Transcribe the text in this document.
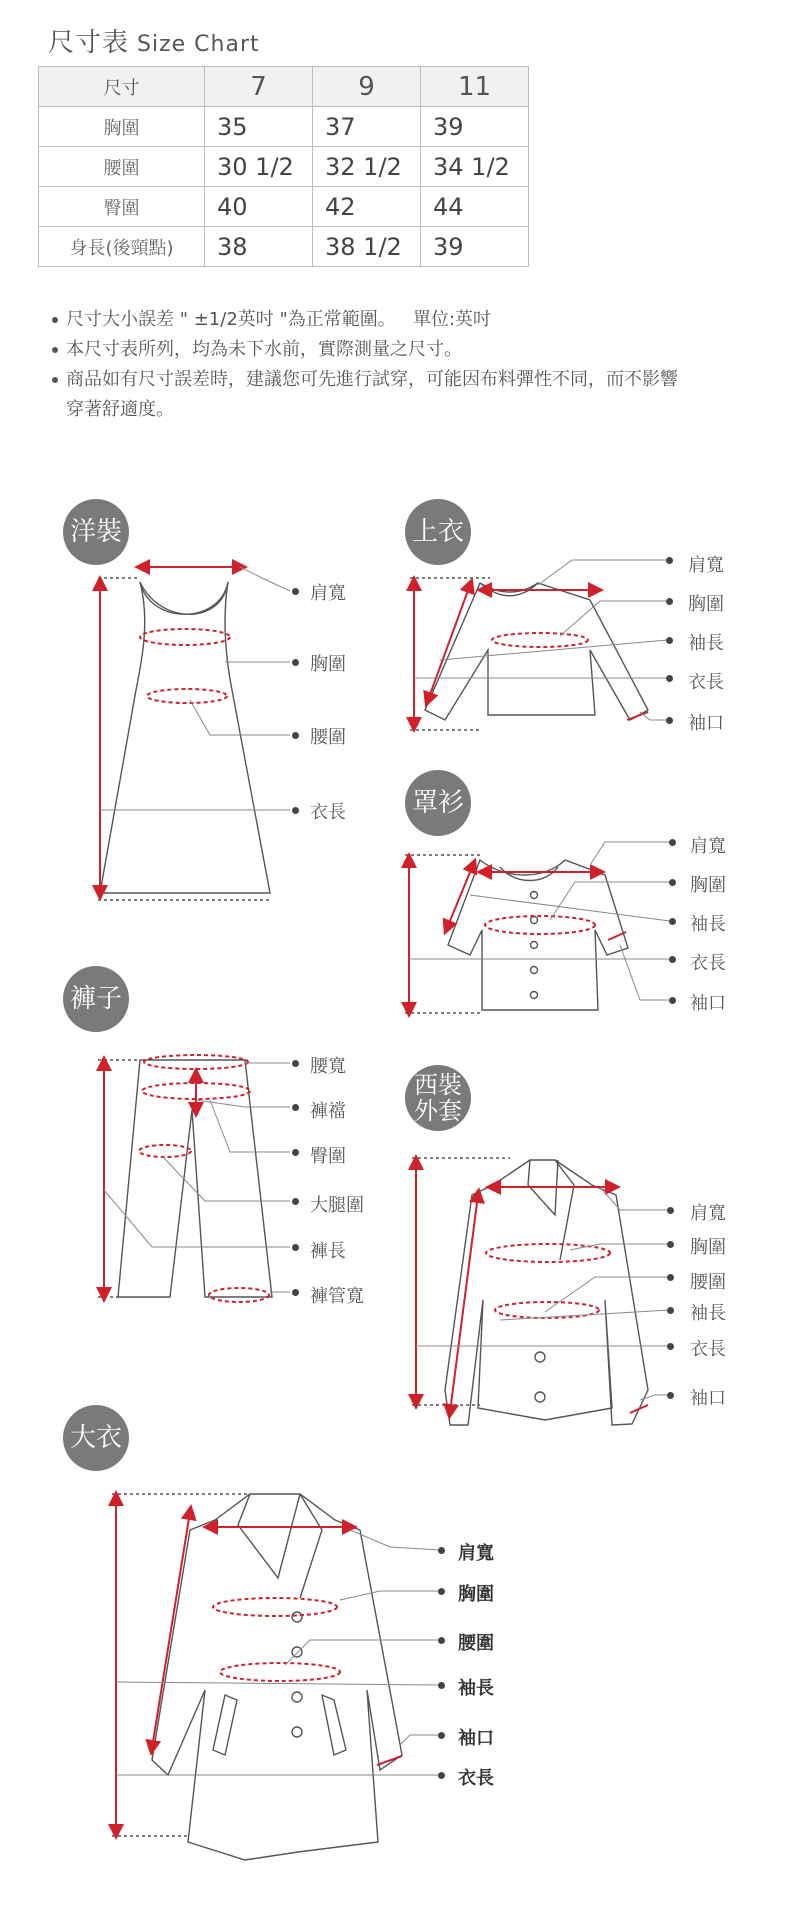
尺寸表 Size Chart
尺寸	7	9	11
胸圍	35	37	39
腰圍	30 1/2	32 1/2	34 1/2
臀圍	40	42	44
身長(後頸點)	38	38 1/2	39
尺寸大小誤差 " ±1/2英吋 "為正常範圍。   單位:英吋
本尺寸表所列，均為未下水前，實際測量之尺寸。
商品如有尺寸誤差時，建議您可先進行試穿，可能因布料彈性不同，而不影響
穿著舒適度。
洋裝	上衣
罩衫
褲子
西裝
外套
大衣
肩寬
胸圍
腰圍
衣長
肩寬
胸圍
袖長
衣長
袖口
肩寬
胸圍
袖長
衣長
袖口
腰寬
褲襠
臀圍
大腿圍
褲長
褲管寬
肩寬
胸圍
腰圍
袖長
衣長
袖口
肩寬
胸圍
腰圍
袖長
袖口
衣長
